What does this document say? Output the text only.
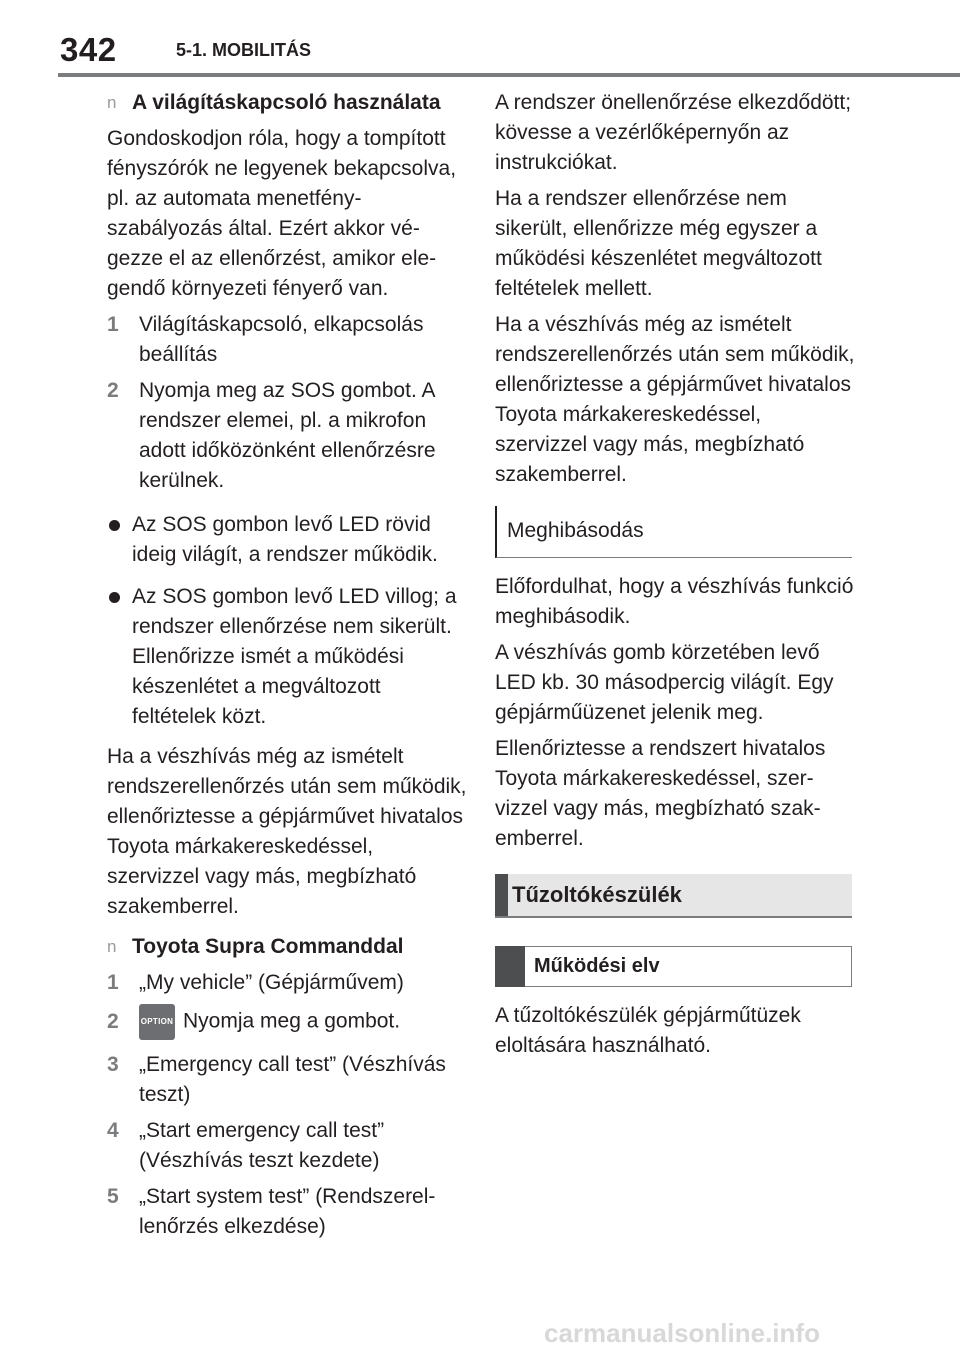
342	5-1. MOBILITÁS
n A világításkapcsoló használata

Gondoskodjon róla, hogy a tompított fényszórók ne legyenek bekapcsolva, pl. az automata menetfényszabályozás által. Ezért akkor végezze el az ellenőrzést, amikor elegendő környezeti fényerő van.

1 Világításkapcsoló, elkapcsolás beállítás
2 Nyomja meg az SOS gombot. A rendszer elemei, pl. a mikrofon adott időközönként ellenőrzésre kerülnek.
Az SOS gombon levő LED rövid ideig világít, a rendszer működik.
Az SOS gombon levő LED villog; a rendszer ellenőrzése nem sikerült. Ellenőrizze ismét a működési készenlétet a megváltozott feltételek közt.

Ha a vészhívás még az ismételt rendszerellenőrzés után sem működik, ellenőriztesse a gépjárművet hivatalos Toyota márkakereskedéssel, szervizzel vagy más, megbízható szakemberrel.

n Toyota Supra Commanddal
1 „My vehicle” (Gépjárművem)
2	OPTION Nyomja meg a gombot.
3 „Emergency call test” (Vészhívás teszt)
4 „Start emergency call test” (Vészhívás teszt kezdete)
5 „Start system test” (Rendszerellenőrzés elkezdése)

A rendszer önellenőrzése elkezdődött; kövesse a vezérlőképernyőn az instrukciókat.

Ha a rendszer ellenőrzése nem sikerült, ellenőrizze még egyszer a működési készenlétet megváltozott feltételek mellett.

Ha a vészhívás még az ismételt rendszerellenőrzés után sem működik, ellenőriztesse a gépjárművet hivatalos Toyota márkakereskedéssel, szervizzel vagy más, megbízható szakemberrel.

Meghibásodás

Előfordulhat, hogy a vészhívás funkció meghibásodik.

A vészhívás gomb körzetében levő LED kb. 30 másodpercig világít. Egy gépjárműüzenet jelenik meg.

Ellenőriztesse a rendszert hivatalos Toyota márkakereskedéssel, szervizzel vagy más, megbízható szakemberrel.

Tűzoltókészülék
Működési elv

A tűzoltókészülék gépjárműtüzek eloltására használható.

carmanualsonline.info
